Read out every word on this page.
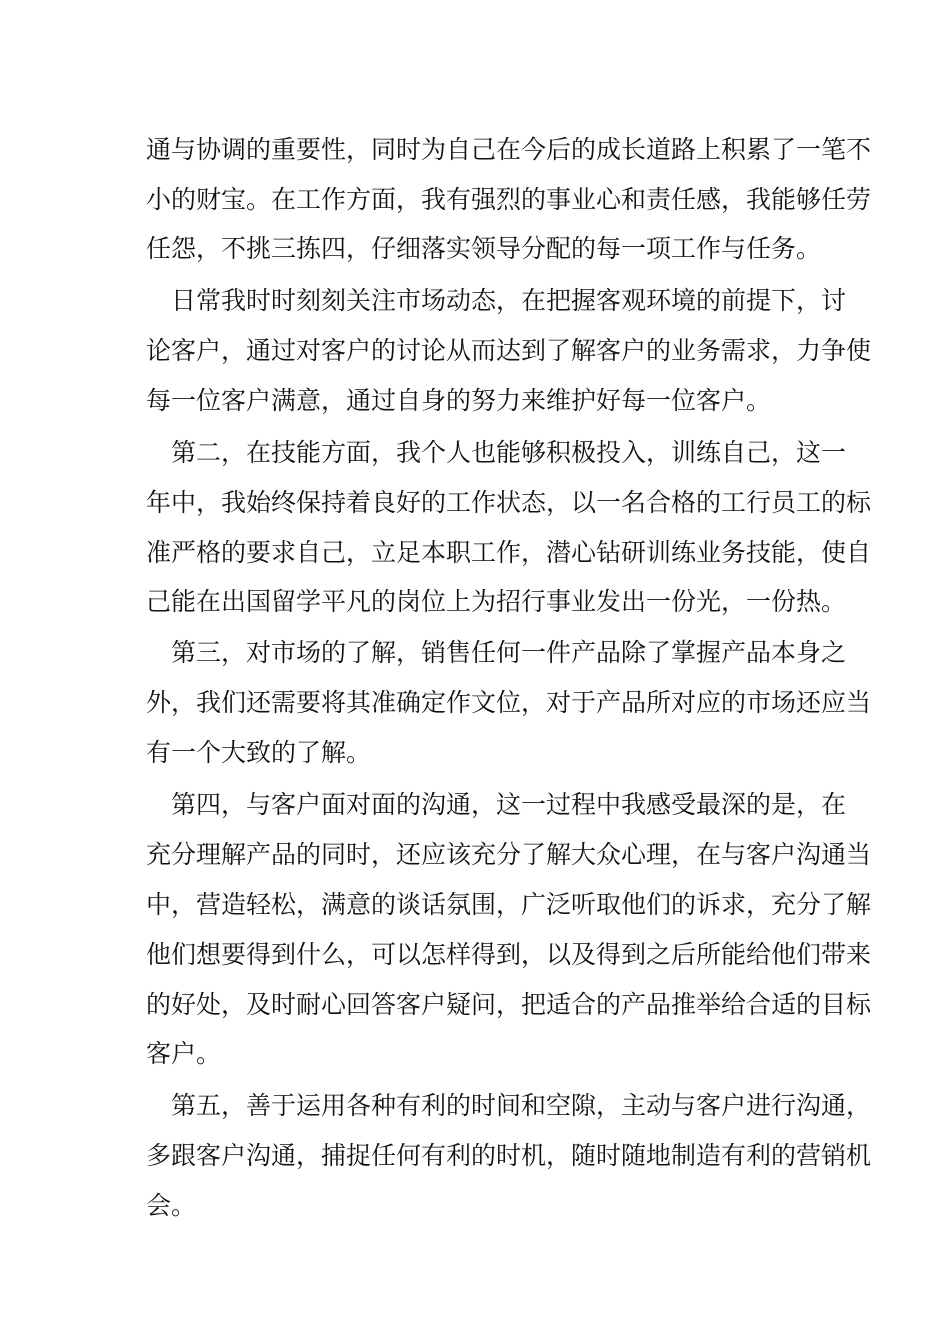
通与协调的重要性，同时为自己在今后的成长道路上积累了一笔不
小的财宝。在工作方面，我有强烈的事业心和责任感，我能够任劳
任怨，不挑三拣四，仔细落实领导分配的每一项工作与任务。
　日常我时时刻刻关注市场动态，在把握客观环境的前提下，讨
论客户，通过对客户的讨论从而达到了解客户的业务需求，力争使
每一位客户满意，通过自身的努力来维护好每一位客户。
　第二，在技能方面，我个人也能够积极投入，训练自己，这一
年中，我始终保持着良好的工作状态，以一名合格的工行员工的标
准严格的要求自己，立足本职工作，潜心钻研训练业务技能，使自
己能在出国留学平凡的岗位上为招行事业发出一份光，一份热。
　第三，对市场的了解，销售任何一件产品除了掌握产品本身之
外，我们还需要将其准确定作文位，对于产品所对应的市场还应当
有一个大致的了解。
　第四，与客户面对面的沟通，这一过程中我感受最深的是，在
充分理解产品的同时，还应该充分了解大众心理，在与客户沟通当
中，营造轻松，满意的谈话氛围，广泛听取他们的诉求，充分了解
他们想要得到什么，可以怎样得到，以及得到之后所能给他们带来
的好处，及时耐心回答客户疑问，把适合的产品推举给合适的目标
客户。
　第五，善于运用各种有利的时间和空隙，主动与客户进行沟通，
多跟客户沟通，捕捉任何有利的时机，随时随地制造有利的营销机
会。
